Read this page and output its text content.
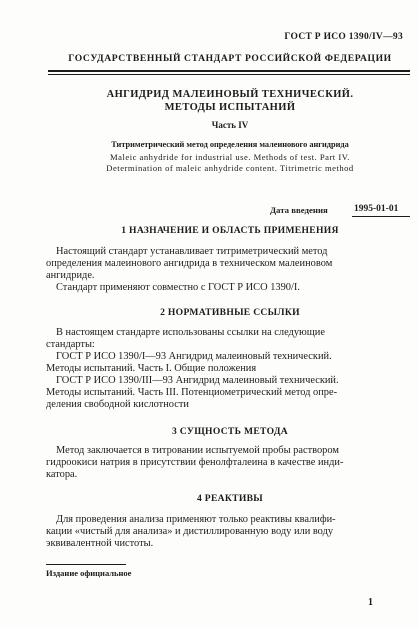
ГОСТ Р ИСО 1390/IV—93
ГОСУДАРСТВЕННЫЙ СТАНДАРТ РОССИЙСКОЙ ФЕДЕРАЦИИ
АНГИДРИД МАЛЕИНОВЫЙ ТЕХНИЧЕСКИЙ.
МЕТОДЫ ИСПЫТАНИЙ
Часть IV
Титриметрический метод определения малеинового ангидрида
Maleic anhydride for industrial use. Methods of test. Part IV.
Determination of maleic anhydride content. Titrimetric method
Дата введения	1995-01-01
1 НАЗНАЧЕНИЕ И ОБЛАСТЬ ПРИМЕНЕНИЯ
Настоящий стандарт устанавливает титриметрический метод
определения малеинового ангидрида в техническом малеиновом
ангидриде.
Стандарт применяют совместно с ГОСТ Р ИСО 1390/I.
2 НОРМАТИВНЫЕ ССЫЛКИ
В настоящем стандарте использованы ссылки на следующие
стандарты:
ГОСТ Р ИСО 1390/I—93 Ангидрид малеиновый технический.
Методы испытаний. Часть I. Общие положения
ГОСТ Р ИСО 1390/III—93 Ангидрид малеиновый технический.
Методы испытаний. Часть III. Потенциометрический метод опре-
деления свободной кислотности
3 СУЩНОСТЬ МЕТОДА
Метод заключается в титровании испытуемой пробы раствором
гидроокиси натрия в присутствии фенолфталеина в качестве инди-
катора.
4 РЕАКТИВЫ
Для проведения анализа применяют только реактивы квалифи-
кации «чистый для анализа» и дистиллированную воду или воду
эквивалентной чистоты.
Издание официальное
1
